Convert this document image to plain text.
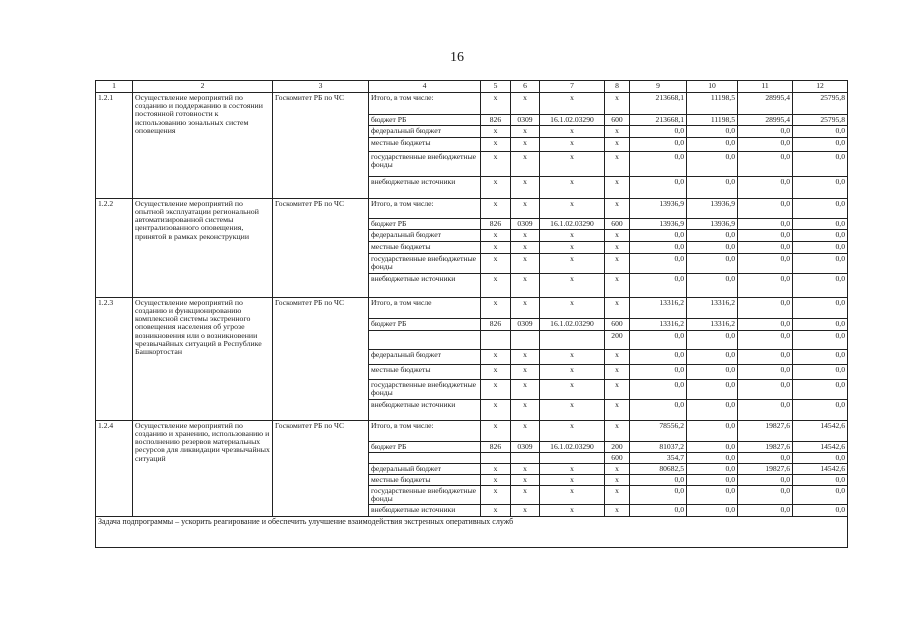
16
1	2	3	4	5	6	7	8	9	10	11	12
1.2.1	Осуществление мероприятий по созданию и поддержанию в состоянии постоянной готовности к использованию зональных систем оповещения	Госкомитет РБ по ЧС	Итого, в том числе:	х	х	х	х	213668,1	11198,5	28995,4	25795,8
			бюджет РБ	826	0309	16.1.02.03290	600	213668,1	11198,5	28995,4	25795,8
			федеральный бюджет	х	х	х	х	0,0	0,0	0,0	0,0
			местные бюджеты	х	х	х	х	0,0	0,0	0,0	0,0
			государственные внебюджетные фонды	х	х	х	х	0,0	0,0	0,0	0,0
			внебюджетные источники	х	х	х	х	0,0	0,0	0,0	0,0
1.2.2	Осуществление мероприятий по опытной эксплуатации региональной автоматизированной системы централизованного оповещения, принятой в рамках реконструкции	Госкомитет РБ по ЧС	Итого, в том числе:	х	х	х	х	13936,9	13936,9	0,0	0,0
			бюджет РБ	826	0309	16.1.02.03290	600	13936,9	13936,9	0,0	0,0
			федеральный бюджет	х	х	х	х	0,0	0,0	0,0	0,0
			местные бюджеты	х	х	х	х	0,0	0,0	0,0	0,0
			государственные внебюджетные фонды	х	х	х	х	0,0	0,0	0,0	0,0
			внебюджетные источники	х	х	х	х	0,0	0,0	0,0	0,0
1.2.3	Осуществление мероприятий по созданию и функционированию комплексной системы экстренного оповещения населения об угрозе возникновения или о возникновении чрезвычайных ситуаций в Республике Башкортостан	Госкомитет РБ по ЧС	Итого, в том числе	х	х	х	х	13316,2	13316,2	0,0	0,0
			бюджет РБ	826	0309	16.1.02.03290	600	13316,2	13316,2	0,0	0,0
							200	0,0	0,0	0,0	0,0
			федеральный бюджет	х	х	х	х	0,0	0,0	0,0	0,0
			местные бюджеты	х	х	х	х	0,0	0,0	0,0	0,0
			государственные внебюджетные фонды	х	х	х	х	0,0	0,0	0,0	0,0
			внебюджетные источники	х	х	х	х	0,0	0,0	0,0	0,0
1.2.4	Осуществление мероприятий по созданию и хранению, использованию и восполнению резервов материальных ресурсов для ликвидации чрезвычайных ситуаций	Госкомитет РБ по ЧС	Итого, в том числе:	х	х	х	х	78556,2	0,0	19827,6	14542,6
			бюджет РБ	826	0309	16.1.02.03290	200	81037,2	0,0	19827,6	14542,6
							600	354,7	0,0	0,0	0,0
			федеральный бюджет	х	х	х	х	80682,5	0,0	19827,6	14542,6
			местные бюджеты	х	х	х	х	0,0	0,0	0,0	0,0
			государственные внебюджетные фонды	х	х	х	х	0,0	0,0	0,0	0,0
			внебюджетные источники	х	х	х	х	0,0	0,0	0,0	0,0
Задача подпрограммы – ускорить реагирование и обеспечить улучшение взаимодействия экстренных оперативных служб											
